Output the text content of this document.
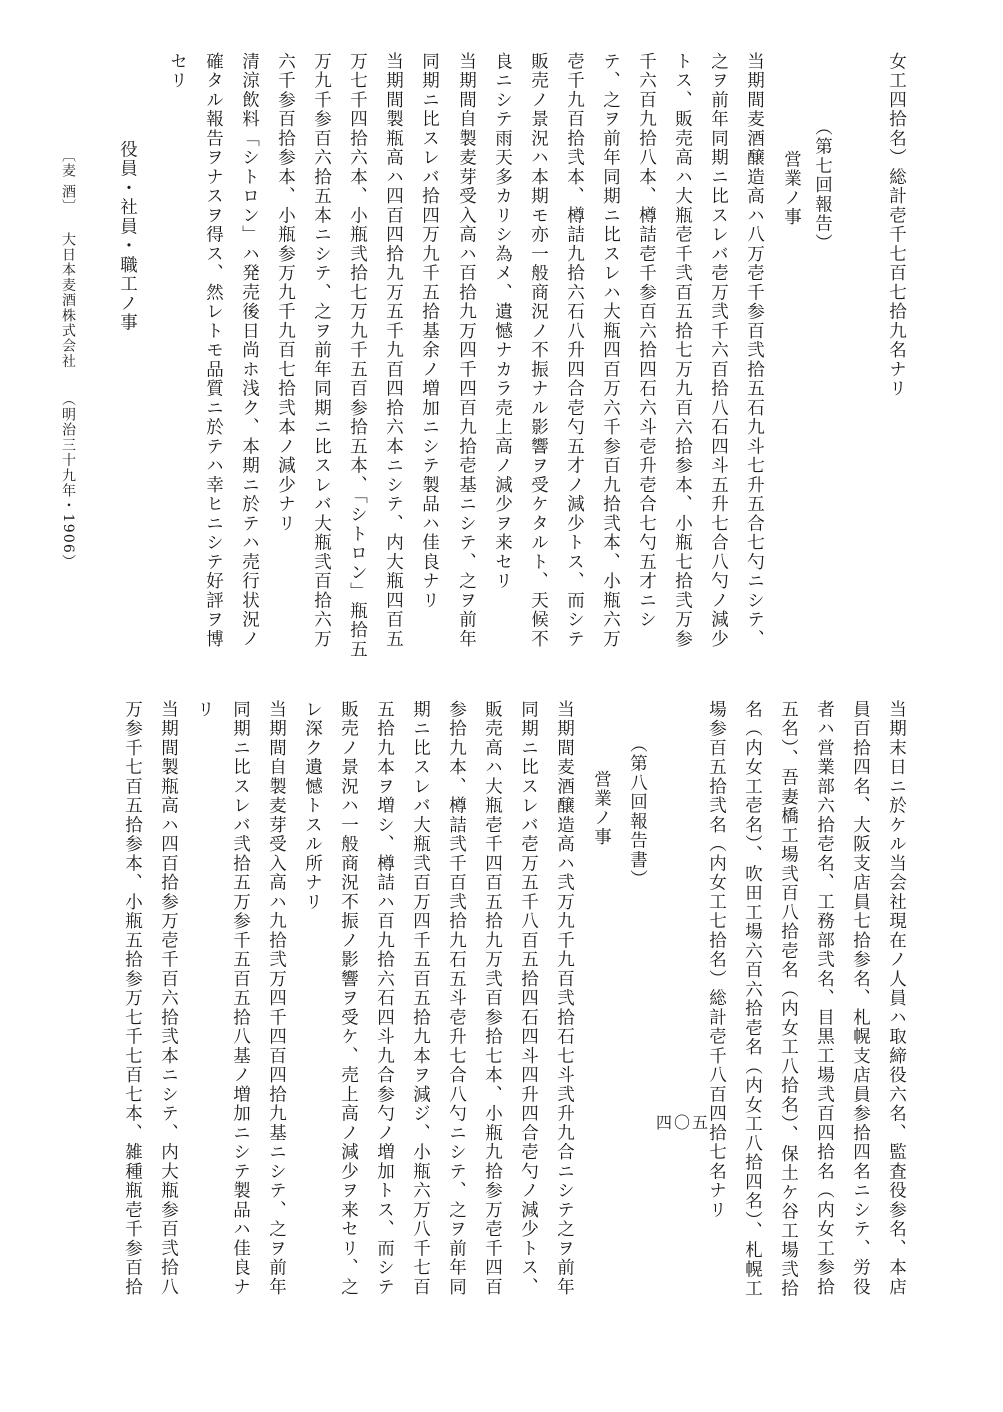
女工四拾名）総計壱千七百七拾九名ナリ
（第七回報告）
営業ノ事
当期間麦酒醸造高ハ八万壱千参百弐拾五石九斗七升五合七勺ニシテ、
之ヲ前年同期ニ比スレバ壱万弐千六百拾八石四斗五升七合八勺ノ減少
トス、販売高ハ大瓶壱千弐百五拾七万九百六拾参本、小瓶七拾弐万参
千六百九拾八本、樽詰壱千参百六拾四石六斗壱升壱合七勺五才ニシ
テ、之ヲ前年同期ニ比スレハ大瓶四百万六千参百九拾弐本、小瓶六万
壱千九百拾弐本、樽詰九拾六石八升四合壱勺五才ノ減少トス、而シテ
販売ノ景況ハ本期モ亦一般商況ノ不振ナル影響ヲ受ケタルト、天候不
良ニシテ雨天多カリシ為メ、遺憾ナカラ売上高ノ減少ヲ来セリ
当期間自製麦芽受入高ハ百拾九万四千四百九拾壱基ニシテ、之ヲ前年
同期ニ比スレバ拾四万九千五拾基余ノ増加ニシテ製品ハ佳良ナリ
当期間製瓶高ハ四百四拾九万五千九百四拾六本ニシテ、内大瓶四百五
万七千四拾六本、小瓶弐拾七万九千五百参拾五本、「シトロン」瓶拾五
万九千参百六拾五本ニシテ、之ヲ前年同期ニ比スレバ大瓶弐百拾六万
六千参百拾参本、小瓶参万九千九百七拾弐本ノ減少ナリ
清涼飲料「シトロン」ハ発売後日尚ホ浅ク、本期ニ於テハ売行状況ノ
確タル報告ヲナスヲ得ス、然レトモ品質ニ於テハ幸ヒニシテ好評ヲ博
セリ
役員・社員・職工ノ事
〔麦 酒〕
大日本麦酒株式会社
（明治三十九年・1906）
当期末日ニ於ケル当会社現在ノ人員ハ取締役六名、監査役参名、本店
員百拾四名、大阪支店員七拾参名、札幌支店員参拾四名ニシテ、労役
者ハ営業部六拾壱名、工務部弐名、目黒工場弐百四拾名（内女工参拾
五名）、吾妻橋工場弐百八拾壱名（内女工八拾名）、保土ケ谷工場弐拾
名（内女工壱名）、吹田工場六百六拾壱名（内女工八拾四名）、札幌工
場参百五拾弐名（内女工七拾名）総計壱千八百四拾七名ナリ
（第八回報告書）
営業ノ事
当期間麦酒醸造高ハ弐万九千九百弐拾石七斗弐升九合ニシテ之ヲ前年
同期ニ比スレバ壱万五千八百五拾四石四斗四升四合壱勺ノ減少トス、
販売高ハ大瓶壱千四百五拾九万弐百参拾七本、小瓶九拾参万壱千四百
参拾九本、樽詰弐千百弐拾九石五斗壱升七合八勺ニシテ、之ヲ前年同
期ニ比スレバ大瓶弐百万四千五百五拾九本ヲ減ジ、小瓶六万八千七百
五拾九本ヲ増シ、樽詰ハ百九拾六石四斗九合参勺ノ増加トス、而シテ
販売ノ景況ハ一般商況不振ノ影響ヲ受ケ、売上高ノ減少ヲ来セリ、之
レ深ク遺憾トスル所ナリ
当期間自製麦芽受入高ハ九拾弐万四千四百四拾九基ニシテ、之ヲ前年
同期ニ比スレバ弐拾五万参千五百五拾八基ノ増加ニシテ製品ハ佳良ナ
リ
当期間製瓶高ハ四百拾参万壱千百六拾弐本ニシテ、内大瓶参百弐拾八
万参千七百五拾参本、小瓶五拾参万七千七百七本、雑種瓶壱千参百拾	四〇五
